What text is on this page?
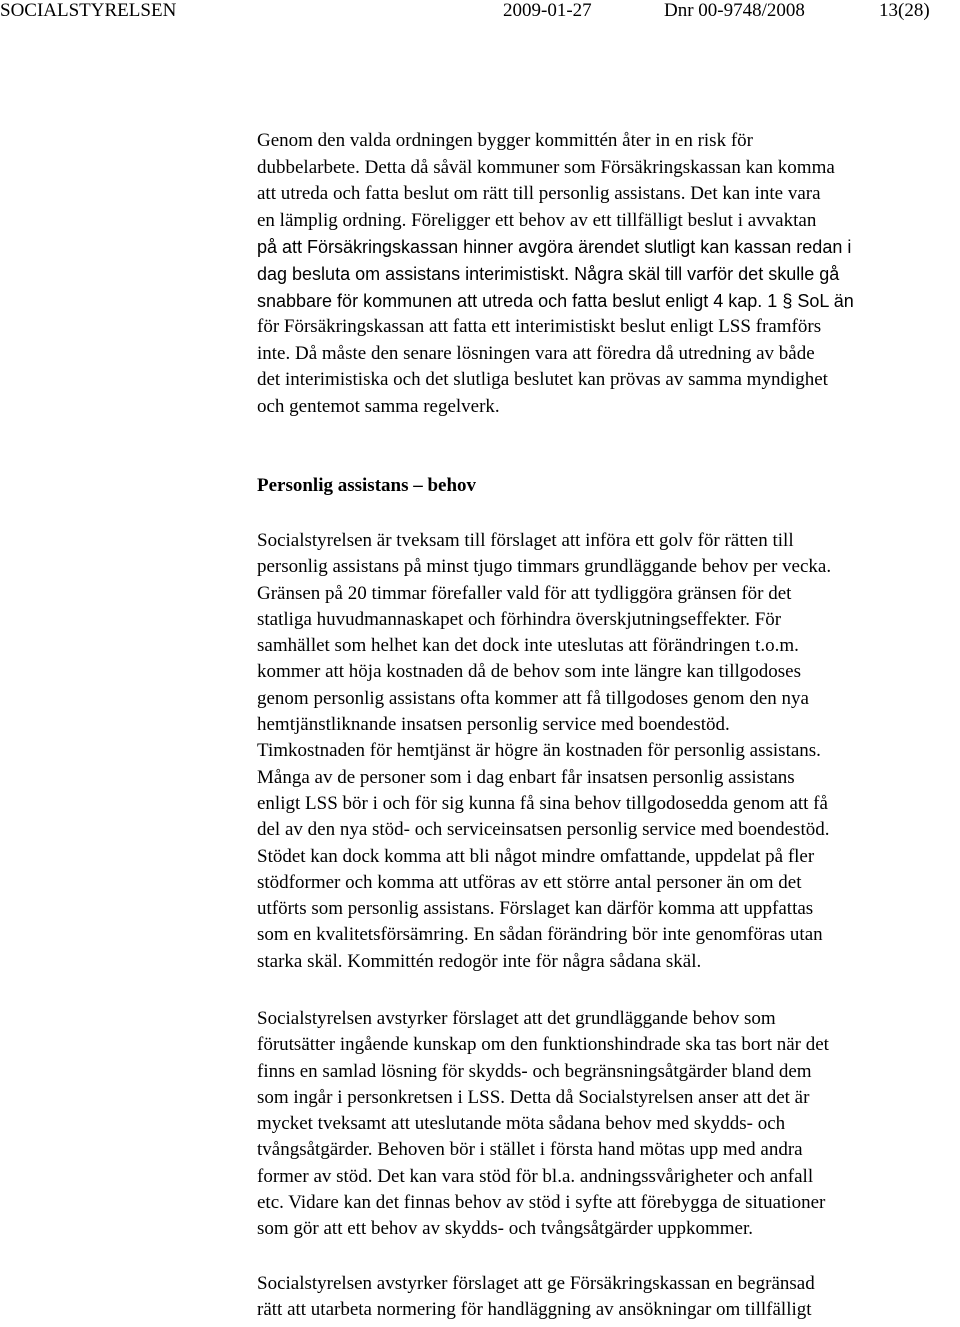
SOCIALSTYRELSEN	2009-01-27	Dnr 00-9748/2008	13(28)

Genom den valda ordningen bygger kommittén åter in en risk för
dubbelarbete. Detta då såväl kommuner som Försäkringskassan kan komma
att utreda och fatta beslut om rätt till personlig assistans. Det kan inte vara
en lämplig ordning. Föreligger ett behov av ett tillfälligt beslut i avvaktan
på att Försäkringskassan hinner avgöra ärendet slutligt kan kassan redan i
dag besluta om assistans interimistiskt. Några skäl till varför det skulle gå
snabbare för kommunen att utreda och fatta beslut enligt 4 kap. 1 § SoL än
för Försäkringskassan att fatta ett interimistiskt beslut enligt LSS framförs
inte. Då måste den senare lösningen vara att föredra då utredning av både
det interimistiska och det slutliga beslutet kan prövas av samma myndighet
och gentemot samma regelverk.

Personlig assistans – behov

Socialstyrelsen är tveksam till förslaget att införa ett golv för rätten till
personlig assistans på minst tjugo timmars grundläggande behov per vecka.
Gränsen på 20 timmar förefaller vald för att tydliggöra gränsen för det
statliga huvudmannaskapet och förhindra överskjutningseffekter. För
samhället som helhet kan det dock inte uteslutas att förändringen t.o.m.
kommer att höja kostnaden då de behov som inte längre kan tillgodoses
genom personlig assistans ofta kommer att få tillgodoses genom den nya
hemtjänstliknande insatsen personlig service med boendestöd.
Timkostnaden för hemtjänst är högre än kostnaden för personlig assistans.
Många av de personer som i dag enbart får insatsen personlig assistans
enligt LSS bör i och för sig kunna få sina behov tillgodosedda genom att få
del av den nya stöd- och serviceinsatsen personlig service med boendestöd.
Stödet kan dock komma att bli något mindre omfattande, uppdelat på fler
stödformer och komma att utföras av ett större antal personer än om det
utförts som personlig assistans. Förslaget kan därför komma att uppfattas
som en kvalitetsförsämring. En sådan förändring bör inte genomföras utan
starka skäl. Kommittén redogör inte för några sådana skäl.

Socialstyrelsen avstyrker förslaget att det grundläggande behov som
förutsätter ingående kunskap om den funktionshindrade ska tas bort när det
finns en samlad lösning för skydds- och begränsningsåtgärder bland dem
som ingår i personkretsen i LSS. Detta då Socialstyrelsen anser att det är
mycket tveksamt att uteslutande möta sådana behov med skydds- och
tvångsåtgärder. Behoven bör i stället i första hand mötas upp med andra
former av stöd. Det kan vara stöd för bl.a. andningssvårigheter och anfall
etc. Vidare kan det finnas behov av stöd i syfte att förebygga de situationer
som gör att ett behov av skydds- och tvångsåtgärder uppkommer.

Socialstyrelsen avstyrker förslaget att ge Försäkringskassan en begränsad
rätt att utarbeta normering för handläggning av ansökningar om tillfälligt
